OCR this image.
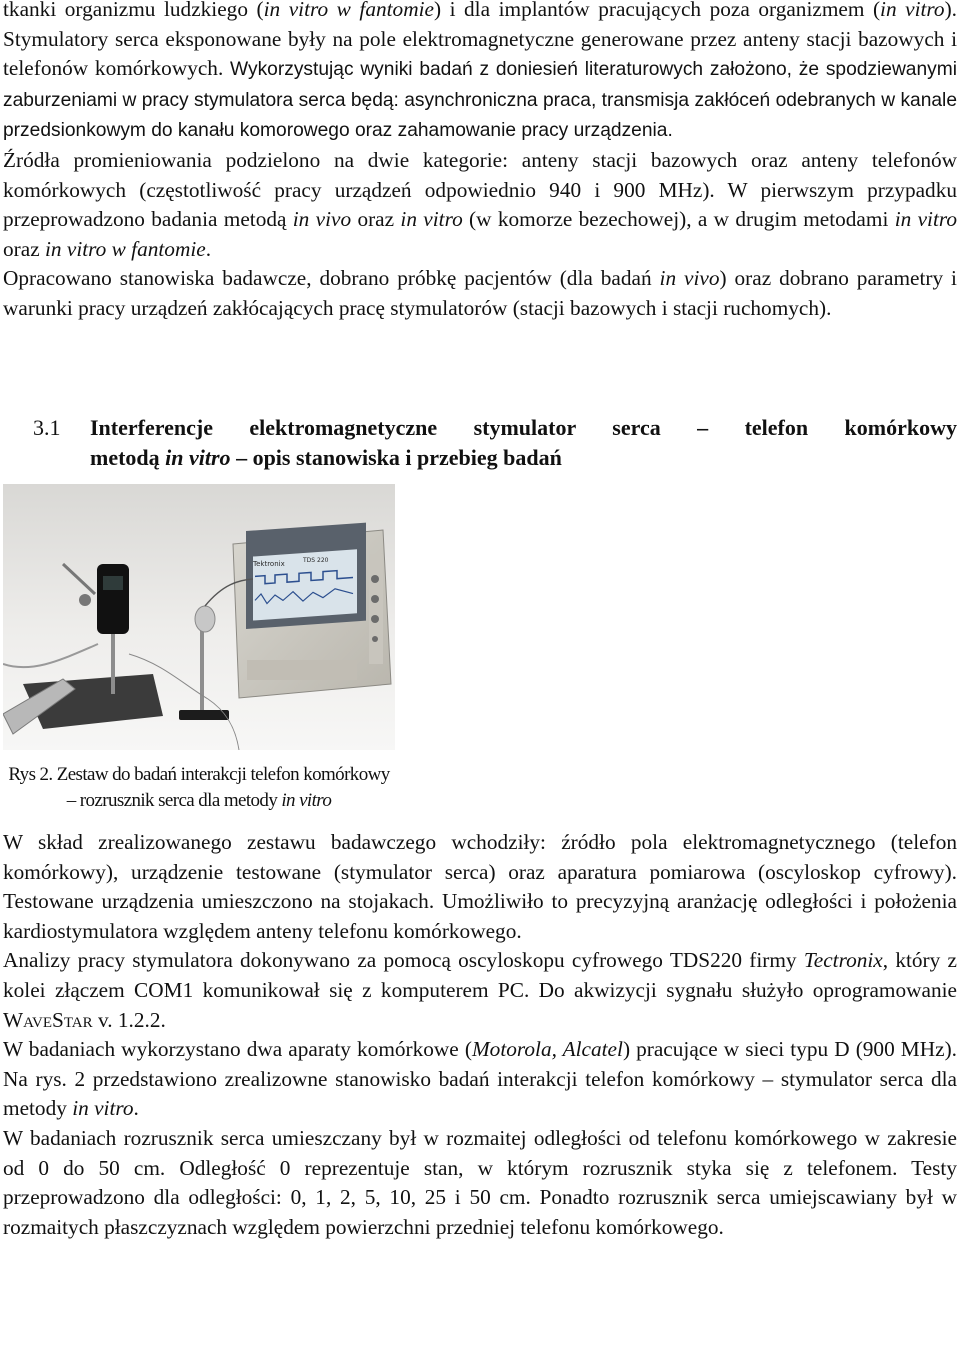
tkanki organizmu ludzkiego (in vitro w fantomie) i dla implantów pracujących poza organizmem (in vitro). Stymulatory serca eksponowane były na pole elektromagnetyczne generowane przez anteny stacji bazowych i telefonów komórkowych. Wykorzystując wyniki badań z doniesień literaturowych założono, że spodziewanymi zaburzeniami w pracy stymulatora serca będą: asynchroniczna praca, transmisja zakłóceń odebranych w kanale przedsionkowym do kanału komorowego oraz zahamowanie pracy urządzenia.

Źródła promieniowania podzielono na dwie kategorie: anteny stacji bazowych oraz anteny telefonów komórkowych (częstotliwość pracy urządzeń odpowiednio 940 i 900 MHz). W pierwszym przypadku przeprowadzono badania metodą in vivo oraz in vitro (w komorze bezechowej), a w drugim metodami in vitro oraz in vitro w fantomie.

Opracowano stanowiska badawcze, dobrano próbkę pacjentów (dla badań in vivo) oraz dobrano parametry i warunki pracy urządzeń zakłócających pracę stymulatorów (stacji bazowych i stacji ruchomych).

3.1 Interferencje elektromagnetyczne stymulator serca – telefon komórkowy
metodą in vitro – opis stanowiska i przebieg badań
Tektronix	TDS 220
Rys 2. Zestaw do badań interakcji telefon komórkowy – rozrusznik serca dla metody in vitro

W skład zrealizowanego zestawu badawczego wchodziły: źródło pola elektromagnetycznego (telefon komórkowy), urządzenie testowane (stymulator serca) oraz aparatura pomiarowa (oscyloskop cyfrowy). Testowane urządzenia umieszczono na stojakach. Umożliwiło to precyzyjną aranżację odległości i położenia kardiostymulatora względem anteny telefonu komórkowego.

Analizy pracy stymulatora dokonywano za pomocą oscyloskopu cyfrowego TDS220 firmy Tectronix, który z kolei złączem COM1 komunikował się z komputerem PC. Do akwizycji sygnału służyło oprogramowanie WaveStar v. 1.2.2.

W badaniach wykorzystano dwa aparaty komórkowe (Motorola, Alcatel) pracujące w sieci typu D (900 MHz). Na rys. 2 przedstawiono zrealizowne stanowisko badań interakcji telefon komórkowy – stymulator serca dla metody in vitro.

W badaniach rozrusznik serca umieszczany był w rozmaitej odległości od telefonu komórkowego w zakresie od 0 do 50 cm. Odległość 0 reprezentuje stan, w którym rozrusznik styka się z telefonem. Testy przeprowadzono dla odległości: 0, 1, 2, 5, 10, 25 i 50 cm. Ponadto rozrusznik serca umiejscawiany był w rozmaitych płaszczyznach względem powierzchni przedniej telefonu komórkowego.
